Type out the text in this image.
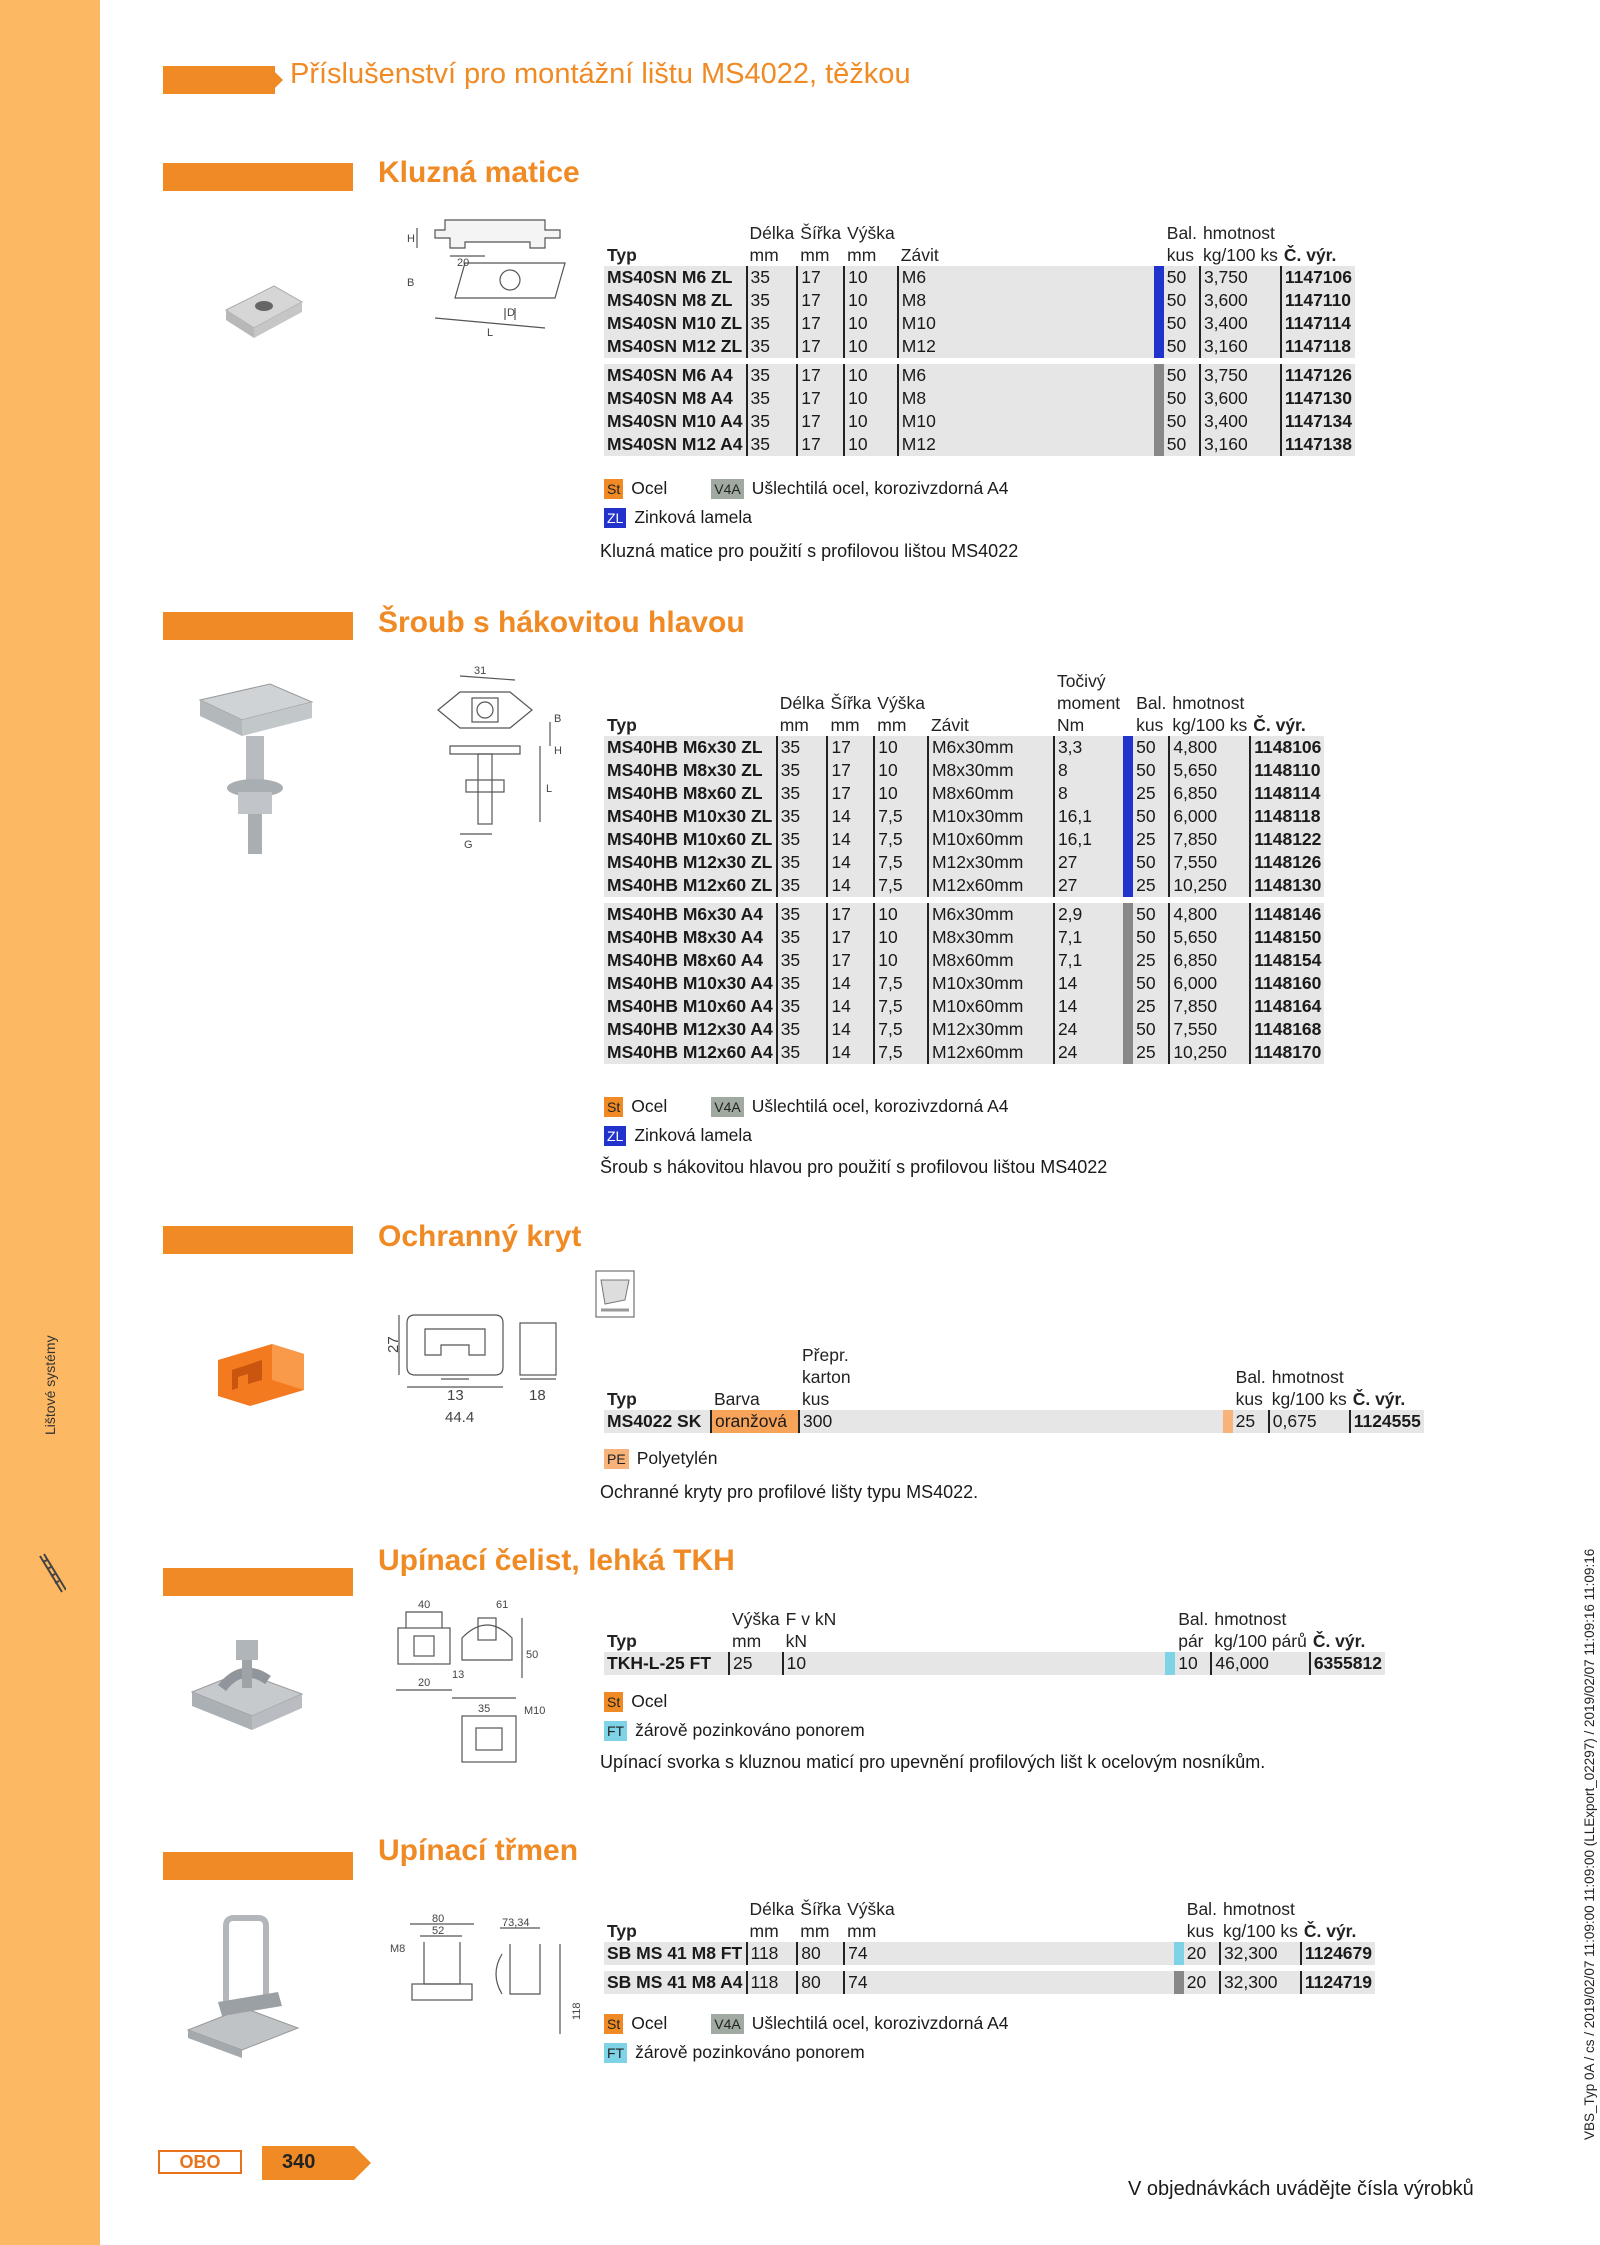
Lištové systémy
Příslušenství pro montážní lištu MS4022, těžkou
Kluzná matice
H
20
B
D
L
	Délka	Šířka	Výška			Bal.	hmotnost	
Typ	mm	mm	mm	Závit		kus	kg/100 ks	Č. výr.
MS40SN M6 ZL	35	17	10	M6		50	3,750	1147106
MS40SN M8 ZL	35	17	10	M8		50	3,600	1147110
MS40SN M10 ZL	35	17	10	M10		50	3,400	1147114
MS40SN M12 ZL	35	17	10	M12		50	3,160	1147118

MS40SN M6 A4	35	17	10	M6		50	3,750	1147126
MS40SN M8 A4	35	17	10	M8		50	3,600	1147130
MS40SN M10 A4	35	17	10	M10		50	3,400	1147134
MS40SN M12 A4	35	17	10	M12		50	3,160	1147138
St Ocel	V4A Ušlechtilá ocel, korozivzdorná A4
ZL Zinková lamela
Kluzná matice pro použití s profilovou lištou MS4022
Šroub s hákovitou hlavou
31
B
H
L
G
					Točivý				
	Délka	Šířka	Výška		moment		Bal.	hmotnost	
Typ	mm	mm	mm	Závit	Nm		kus	kg/100 ks	Č. výr.
MS40HB M6x30 ZL	35	17	10	M6x30mm	3,3		50	4,800	1148106
MS40HB M8x30 ZL	35	17	10	M8x30mm	8		50	5,650	1148110
MS40HB M8x60 ZL	35	17	10	M8x60mm	8		25	6,850	1148114
MS40HB M10x30 ZL	35	14	7,5	M10x30mm	16,1		50	6,000	1148118
MS40HB M10x60 ZL	35	14	7,5	M10x60mm	16,1		25	7,850	1148122
MS40HB M12x30 ZL	35	14	7,5	M12x30mm	27		50	7,550	1148126
MS40HB M12x60 ZL	35	14	7,5	M12x60mm	27		25	10,250	1148130

MS40HB M6x30 A4	35	17	10	M6x30mm	2,9		50	4,800	1148146
MS40HB M8x30 A4	35	17	10	M8x30mm	7,1		50	5,650	1148150
MS40HB M8x60 A4	35	17	10	M8x60mm	7,1		25	6,850	1148154
MS40HB M10x30 A4	35	14	7,5	M10x30mm	14		50	6,000	1148160
MS40HB M10x60 A4	35	14	7,5	M10x60mm	14		25	7,850	1148164
MS40HB M12x30 A4	35	14	7,5	M12x30mm	24		50	7,550	1148168
MS40HB M12x60 A4	35	14	7,5	M12x60mm	24		25	10,250	1148170
St Ocel	V4A Ušlechtilá ocel, korozivzdorná A4
ZL Zinková lamela
Šroub s hákovitou hlavou pro použití s profilovou lištou MS4022
Ochranný kryt
27
13	18
44.4
		Přepr.					
		karton			Bal.	hmotnost	
Typ	Barva	kus			kus	kg/100 ks	Č. výr.
MS4022 SK	oranžová	300			25	0,675	1124555
PE Polyetylén
Ochranné kryty pro profilové lišty typu MS4022.
Upínací čelist, lehká TKH
40	61
13
50
20
M10
35
	Výška	F v kN			Bal.	hmotnost	
Typ	mm	kN			pár	kg/100 párů	Č. výr.
TKH-L-25 FT	25	10			10	46,000	6355812
St Ocel
FT žárově pozinkováno ponorem
Upínací svorka s kluznou maticí pro upevnění profilových lišt k ocelovým nosníkům.
Upínací třmen
80
52
73,34
M8
118
	Délka	Šířka	Výška		Bal.	hmotnost	
Typ	mm	mm	mm		kus	kg/100 ks	Č. výr.
SB MS 41 M8 FT	118	80	74		20	32,300	1124679

SB MS 41 M8 A4	118	80	74		20	32,300	1124719
St Ocel	V4A Ušlechtilá ocel, korozivzdorná A4
FT žárově pozinkováno ponorem
OBO	340
V objednávkách uvádějte čísla výrobků
VBS_Typ 0A / cs / 2019/02/07 11:09:00 11:09:00 (LLExport_02297) / 2019/02/07 11:09:16 11:09:16
